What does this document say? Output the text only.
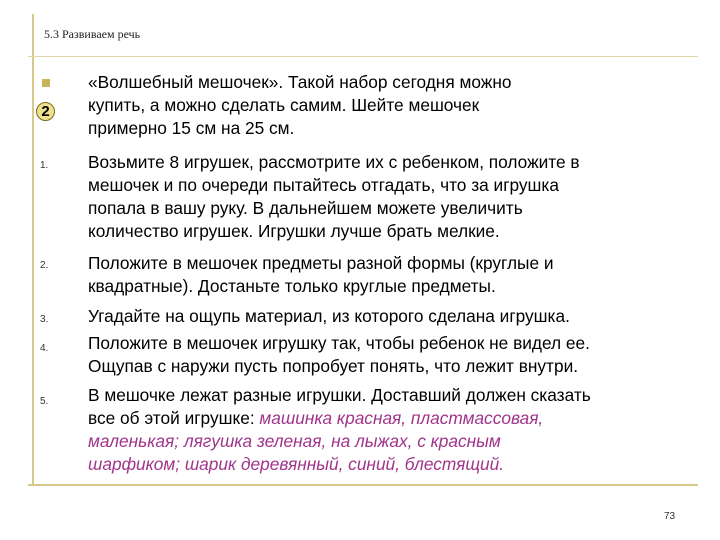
5.3 Развиваем речь
2
1.
2.
3.
4.
5.
«Волшебный мешочек». Такой набор сегодня можно
купить, а можно сделать самим. Шейте мешочек
примерно 15 см на 25 см.
Возьмите 8 игрушек, рассмотрите их с ребенком, положите в
мешочек и по очереди пытайтесь отгадать, что за игрушка
попала в вашу руку. В дальнейшем можете увеличить
количество игрушек. Игрушки лучше брать мелкие.
Положите в мешочек предметы разной формы (круглые и
квадратные). Достаньте только круглые предметы.
Угадайте на ощупь материал, из которого сделана игрушка.
Положите в мешочек игрушку так, чтобы ребенок не видел ее.
Ощупав с наружи пусть попробует понять, что лежит внутри.
В мешочке лежат разные игрушки. Доставший должен сказать
все об этой игрушке: машинка красная, пластмассовая,
маленькая; лягушка зеленая, на лыжах, с красным
шарфиком; шарик деревянный, синий, блестящий.
73
